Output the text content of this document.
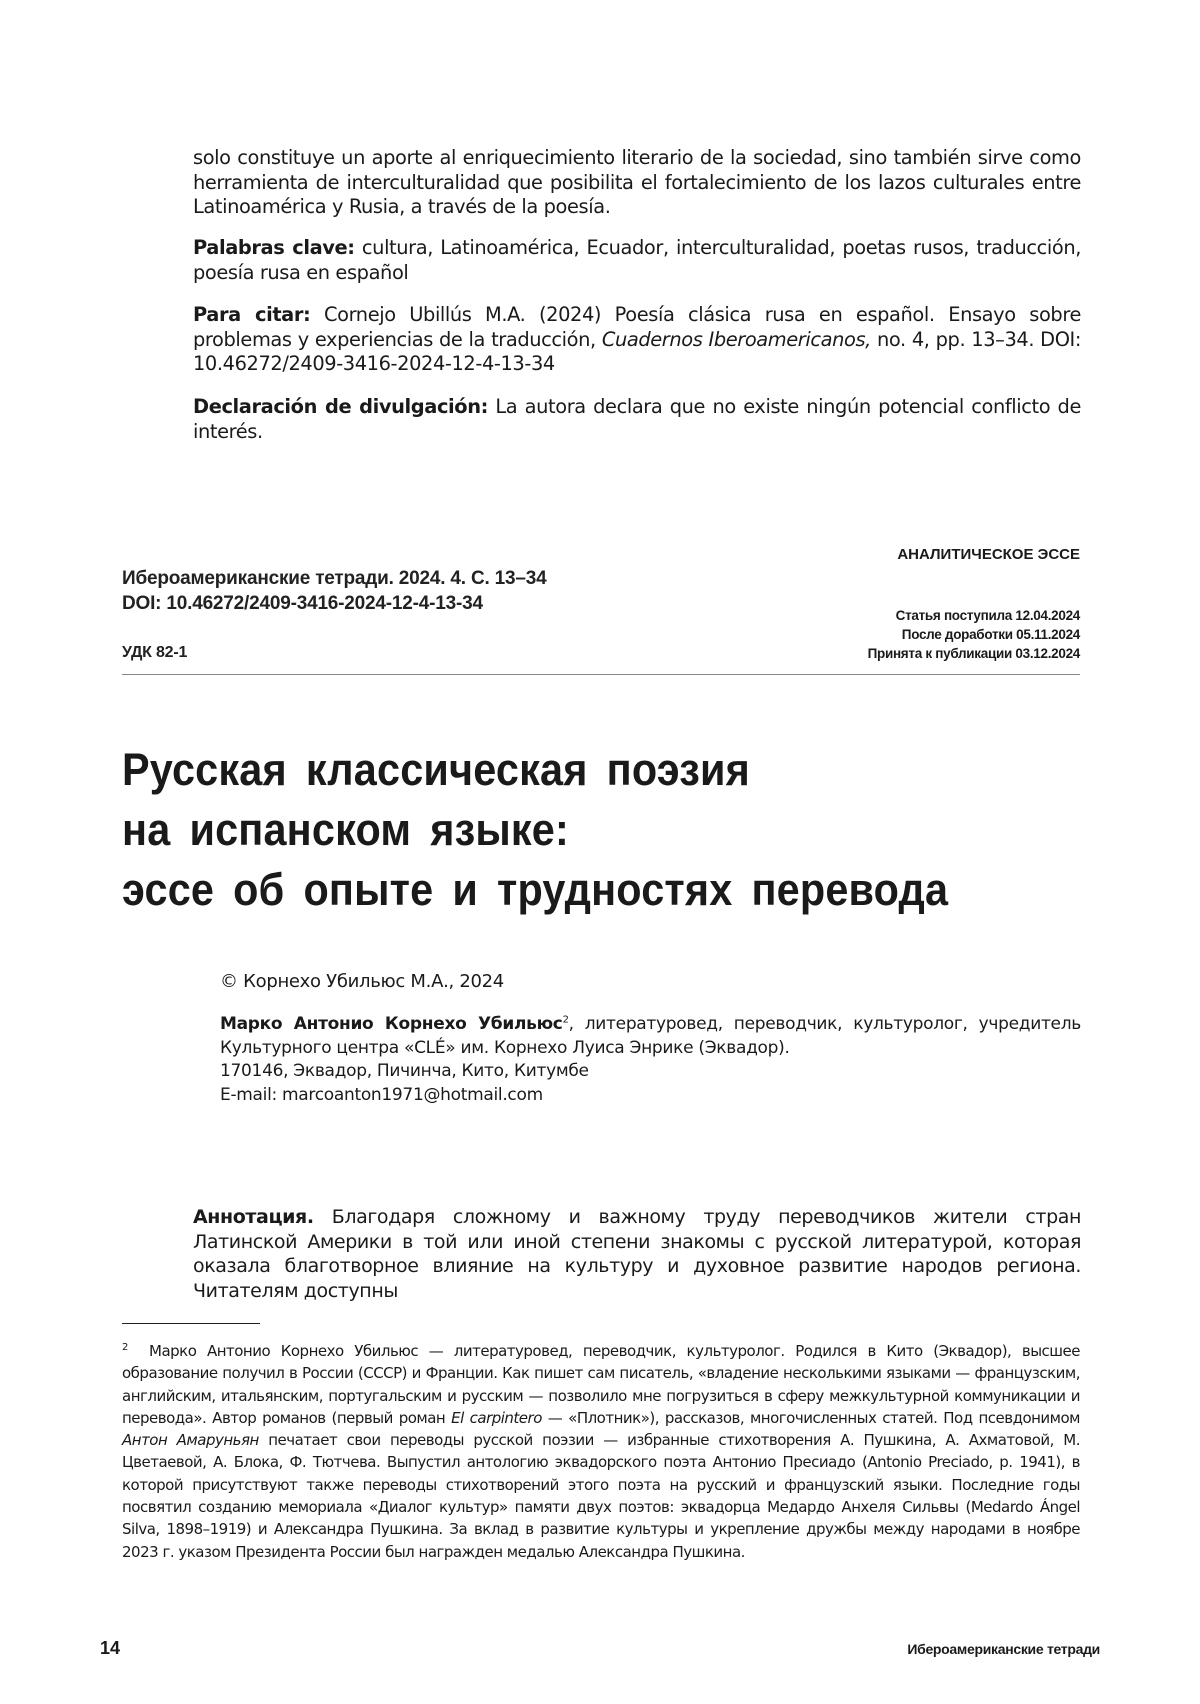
solo constituye un aporte al enriquecimiento literario de la sociedad, sino también sirve como herramienta de interculturalidad que posibilita el fortalecimiento de los lazos culturales entre Latinoamérica y Rusia, a través de la poesía.
Palabras clave: cultura, Latinoamérica, Ecuador, interculturalidad, poetas rusos, traducción, poesía rusa en español
Para citar: Cornejo Ubillús M.A. (2024) Poesía clásica rusa en español. Ensayo sobre problemas y experiencias de la traducción, Cuadernos Iberoamericanos, no. 4, pp. 13–34. DOI: 10.46272/2409-3416-2024-12-4-13-34
Declaración de divulgación: La autora declara que no existe ningún potencial conflicto de interés.
АНАЛИТИЧЕСКОЕ ЭССЕ
Ибероамериканские тетради. 2024. 4. С. 13–34
DOI: 10.46272/2409-3416-2024-12-4-13-34
УДК 82-1
Статья поступила 12.04.2024
После доработки 05.11.2024
Принята к публикации 03.12.2024
Русская классическая поэзия
на испанском языке:
эссе об опыте и трудностях перевода
© Корнехо Убильюс М.А., 2024
Марко Антонио Корнехо Убильюс$^2$, литературовед, переводчик, культуролог, учредитель Культурного центра «CLÉ» им. Корнехо Луиса Энрике (Эквадор).
170146, Эквадор, Пичинча, Кито, Китумбе
E-mail: marcoanton1971@hotmail.com
Аннотация. Благодаря сложному и важному труду переводчиков жители стран Латинской Америки в той или иной степени знакомы с русской литературой, которая оказала благотворное влияние на культуру и духовное развитие народов региона. Читателям доступны
$^2$ Марко Антонио Корнехо Убильюс — литературовед, переводчик, культуролог. Родился в Кито (Эквадор), высшее образование получил в России (СССР) и Франции. Как пишет сам писатель, «владение несколькими языками — французским, английским, итальянским, португальским и русским — позволило мне погрузиться в сферу межкультурной коммуникации и перевода». Автор романов (первый роман El carpintero — «Плотник»), рассказов, многочисленных статей. Под псевдонимом Антон Амаруньян печатает свои переводы русской поэзии — избранные стихотворения А. Пушкина, А. Ахматовой, М. Цветаевой, А. Блока, Ф. Тютчева. Выпустил антологию эквадорского поэта Антонио Пресиадо (Antonio Preciado, р. 1941), в которой присутствуют также переводы стихотворений этого поэта на русский и французский языки. Последние годы посвятил созданию мемориала «Диалог культур» памяти двух поэтов: эквадорца Медардо Анхеля Сильвы (Medardo Ángel Silva, 1898–1919) и Александра Пушкина. За вклад в развитие культуры и укрепление дружбы между народами в ноябре 2023 г. указом Президента России был награжден медалью Александра Пушкина.
14	Ибероамериканские тетради
